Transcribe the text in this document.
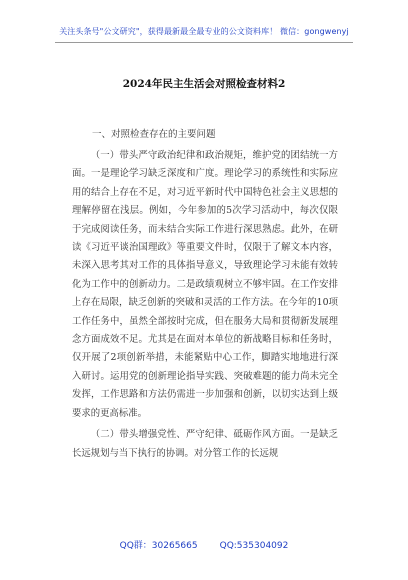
关注头条号"公文研究"，获得最新最全最专业的公文资料库！ 微信：gongwenyj
2024年民主生活会对照检查材料2
一、对照检查存在的主要问题

（一）带头严守政治纪律和政治规矩，维护党的团结统一方面。一是理论学习缺乏深度和广度。理论学习的系统性和实际应用的结合上存在不足，对习近平新时代中国特色社会主义思想的理解停留在浅层。例如，今年参加的5次学习活动中，每次仅限于完成阅读任务，而未结合实际工作进行深思熟虑。此外，在研读《习近平谈治国理政》等重要文件时，仅限于了解文本内容，未深入思考其对工作的具体指导意义，导致理论学习未能有效转化为工作中的创新动力。二是政绩观树立不够牢固。在工作安排上存在局限，缺乏创新的突破和灵活的工作方法。在今年的10项工作任务中，虽然全部按时完成，但在服务大局和贯彻新发展理念方面成效不足。尤其是在面对本单位的新战略目标和任务时，仅开展了2项创新举措，未能紧贴中心工作，脚踏实地地进行深入研讨。运用党的创新理论指导实践、突破难题的能力尚未完全发挥，工作思路和方法仍需进一步加强和创新，以切实达到上级要求的更高标准。

（二）带头增强党性、严守纪律、砥砺作风方面。一是缺乏长远规划与当下执行的协调。对分管工作的长远规

QQ群：30265665 QQ:535304092
